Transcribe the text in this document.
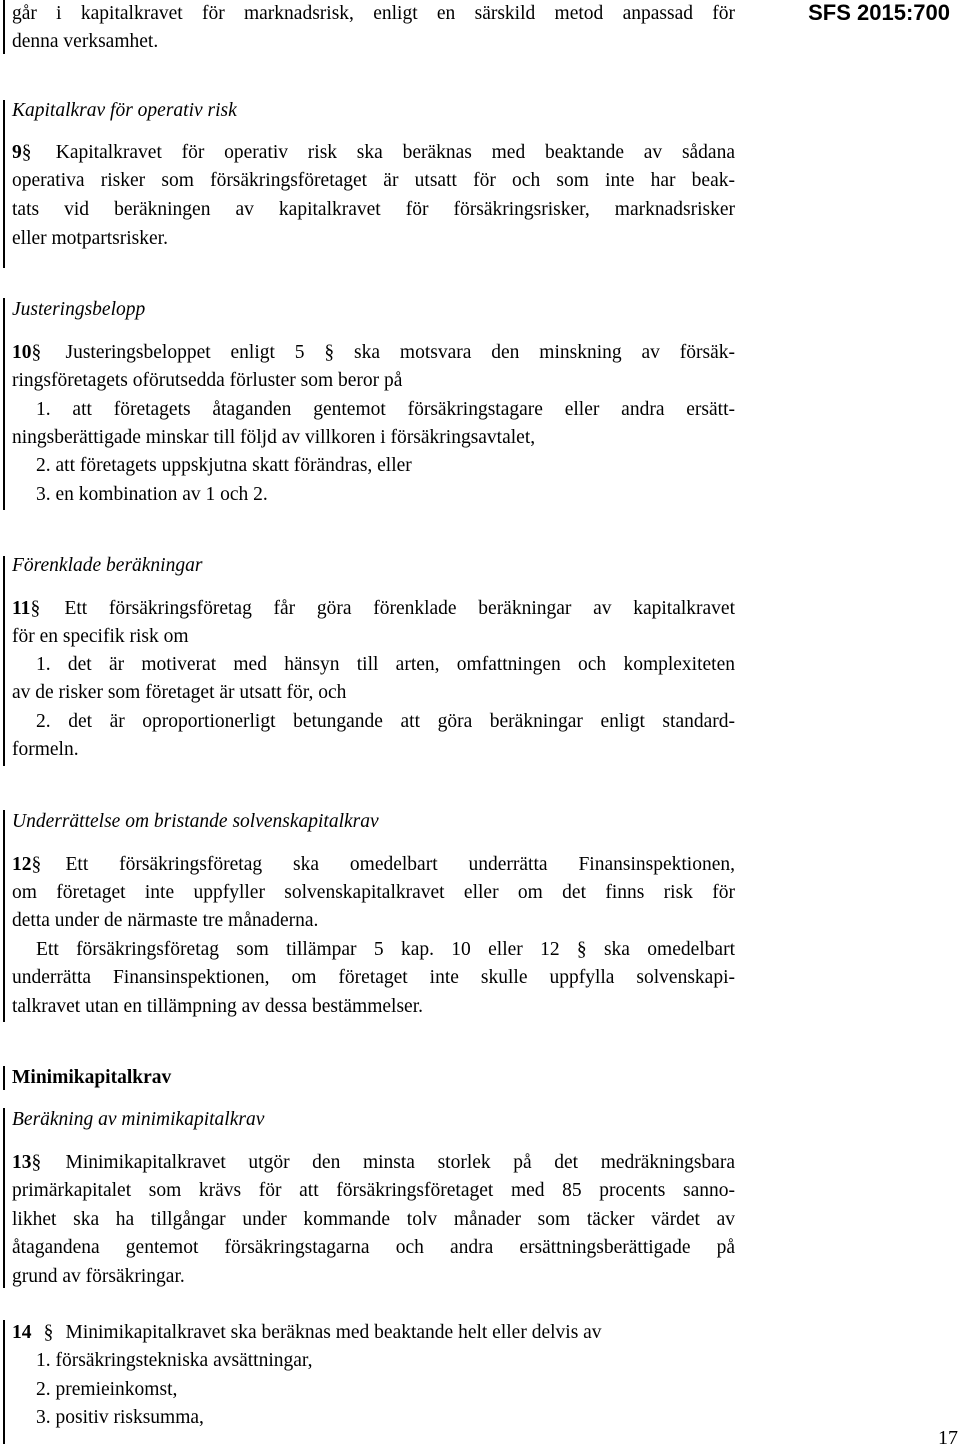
SFS 2015:700
går i kapitalkravet för marknadsrisk, enligt en särskild metod anpassad för
denna verksamhet.
Kapitalkrav för operativ risk
9§ Kapitalkravet för operativ risk ska beräknas med beaktande av sådana
operativa risker som försäkringsföretaget är utsatt för och som inte har beak-
tats vid beräkningen av kapitalkravet för försäkringsrisker, marknadsrisker
eller motpartsrisker.
Justeringsbelopp
10§ Justeringsbeloppet enligt 5 § ska motsvara den minskning av försäk-
ringsföretagets oförutsedda förluster som beror på
1. att företagets åtaganden gentemot försäkringstagare eller andra ersätt-
ningsberättigade minskar till följd av villkoren i försäkringsavtalet,
2. att företagets uppskjutna skatt förändras, eller
3. en kombination av 1 och 2.
Förenklade beräkningar
11§ Ett försäkringsföretag får göra förenklade beräkningar av kapitalkravet
för en specifik risk om
1. det är motiverat med hänsyn till arten, omfattningen och komplexiteten
av de risker som företaget är utsatt för, och
2. det är oproportionerligt betungande att göra beräkningar enligt standard-
formeln.
Underrättelse om bristande solvenskapitalkrav
12§ Ett försäkringsföretag ska omedelbart underrätta Finansinspektionen,
om företaget inte uppfyller solvenskapitalkravet eller om det finns risk för
detta under de närmaste tre månaderna.
Ett försäkringsföretag som tillämpar 5 kap. 10 eller 12 § ska omedelbart
underrätta Finansinspektionen, om företaget inte skulle uppfylla solvenskapi-
talkravet utan en tillämpning av dessa bestämmelser.
Minimikapitalkrav
Beräkning av minimikapitalkrav
13§ Minimikapitalkravet utgör den minsta storlek på det medräkningsbara
primärkapitalet som krävs för att försäkringsföretaget med 85 procents sanno-
likhet ska ha tillgångar under kommande tolv månader som täcker värdet av
åtagandena gentemot försäkringstagarna och andra ersättningsberättigade på
grund av försäkringar.
14 § Minimikapitalkravet ska beräknas med beaktande helt eller delvis av
1. försäkringstekniska avsättningar,
2. premieinkomst,
3. positiv risksumma,
17
